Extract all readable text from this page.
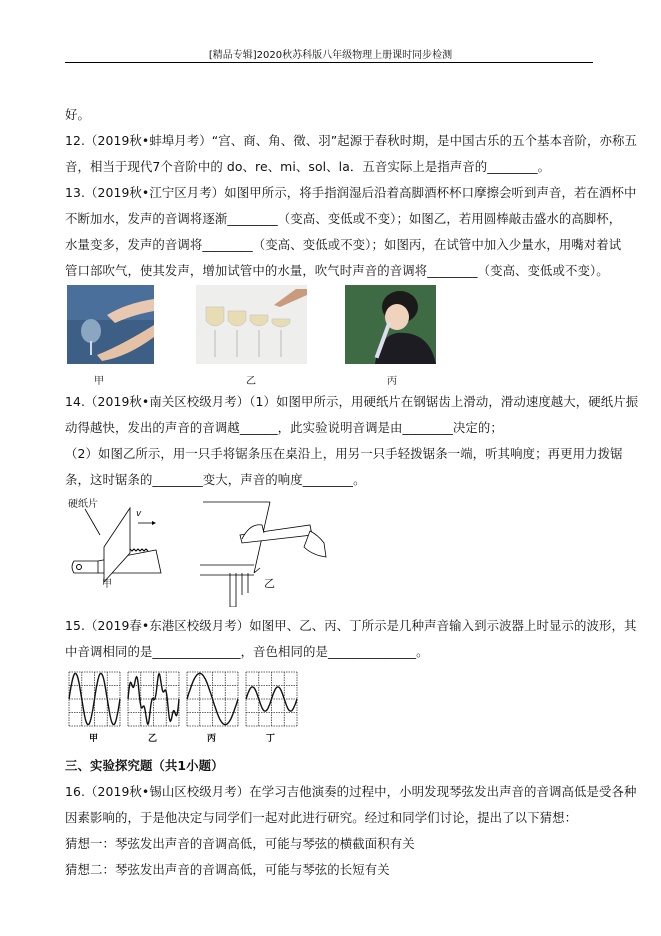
[精品专辑]2020秋苏科版八年级物理上册课时同步检测
好。
12.（2019秋•蚌埠月考）“宫、商、角、徵、羽”起源于春秋时期，是中国古乐的五个基本音阶，亦称五
音，相当于现代7个音阶中的 do、re、mi、sol、la．五音实际上是指声音的________。
13.（2019秋•江宁区月考）如图甲所示，将手指润湿后沿着高脚酒杯杯口摩擦会听到声音，若在酒杯中
不断加水，发声的音调将逐渐________（变高、变低或不变）；如图乙，若用圆棒敲击盛水的高脚杯，
水量变多，发声的音调将________（变高、变低或不变）；如图丙，在试管中加入少量水，用嘴对着试
管口部吹气，使其发声，增加试管中的水量，吹气时声音的音调将________（变高、变低或不变）。
甲	乙	丙
14.（2019秋•南关区校级月考）（1）如图甲所示，用硬纸片在钢锯齿上滑动，滑动速度越大，硬纸片振
动得越快，发出的声音的音调越______，此实验说明音调是由________决定的；
（2）如图乙所示，用一只手将锯条压在桌沿上，用另一只手轻拨锯条一端，听其响度；再更用力拨锯
条，这时锯条的________变大，声音的响度________。
硬纸片
v
甲	乙
15.（2019春•东港区校级月考）如图甲、乙、丙、丁所示是几种声音输入到示波器上时显示的波形，其
中音调相同的是______________，音色相同的是______________。
甲	乙	丙	丁
三、实验探究题（共1小题）
16.（2019秋•锡山区校级月考）在学习吉他演奏的过程中，小明发现琴弦发出声音的音调高低是受各种
因素影响的，于是他决定与同学们一起对此进行研究。经过和同学们讨论，提出了以下猜想：
猜想一：琴弦发出声音的音调高低，可能与琴弦的横截面积有关
猜想二：琴弦发出声音的音调高低，可能与琴弦的长短有关
